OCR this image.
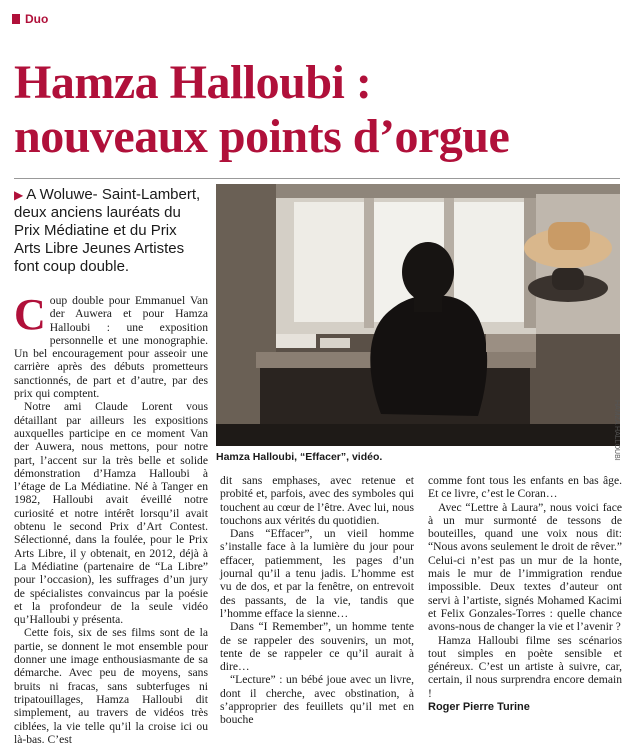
Duo
Hamza Halloubi :
nouveaux points d’orgue
▶ A Woluwe- Saint-Lambert, deux anciens lauréats du Prix Médiatine et du Prix Arts Libre Jeunes Artistes font coup double.
HAMZA HALLOUBI
Hamza Halloubi, “Effacer”, vidéo.

Coup double pour Emmanuel Van der Auwera et pour Hamza Halloubi : une exposition personnelle et une monographie. Un bel encouragement pour asseoir une carrière après des débuts prometteurs sanctionnés, de part et d’autre, par des prix qui comptent.

Notre ami Claude Lorent vous détaillant par ailleurs les expositions auxquelles participe en ce moment Van der Auwera, nous mettons, pour notre part, l’accent sur la très belle et solide démonstration d’Hamza Halloubi à l’étage de La Médiatine. Né à Tanger en 1982, Halloubi avait éveillé notre curiosité et notre intérêt lorsqu’il avait obtenu le second Prix d’Art Contest. Sélectionné, dans la foulée, pour le Prix Arts Libre, il y obtenait, en 2012, déjà à La Médiatine (partenaire de “La Libre” pour l’occasion), les suffrages d’un jury de spécialistes convaincus par la poésie et la profondeur de la seule vidéo qu’Halloubi y présenta.

Cette fois, six de ses films sont de la partie, se donnent le mot ensemble pour donner une image enthousiasmante de sa démarche. Avec peu de moyens, sans bruits ni fracas, sans subterfuges ni tripatouillages, Hamza Halloubi dit simplement, au travers de vidéos très ciblées, la vie telle qu’il la croise ici ou là-bas. C’est

dit sans emphases, avec retenue et probité et, parfois, avec des symboles qui touchent au cœur de l’être. Avec lui, nous touchons aux vérités du quotidien.

Dans “Effacer”, un vieil homme s’installe face à la lumière du jour pour effacer, patiemment, les pages d’un journal qu’il a tenu jadis. L’homme est vu de dos, et par la fenêtre, on entrevoit des passants, de la vie, tandis que l’homme efface la sienne…

Dans “I Remember”, un homme tente de se rappeler des souvenirs, un mot, tente de se rappeler ce qu’il aurait à dire…

“Lecture” : un bébé joue avec un livre, dont il cherche, avec obstination, à s’approprier des feuillets qu’il met en bouche

comme font tous les enfants en bas âge. Et ce livre, c’est le Coran…

Avec “Lettre à Laura”, nous voici face à un mur surmonté de tessons de bouteilles, quand une voix nous dit: “Nous avons seulement le droit de rêver.” Celui-ci n’est pas un mur de la honte, mais le mur de l’immigration rendue impossible. Deux textes d’auteur ont servi à l’artiste, signés Mohamed Kacimi et Felix Gonzales-Torres : quelle chance avons-nous de changer la vie et l’avenir ?

Hamza Halloubi filme ses scénarios tout simples en poète sensible et généreux. C’est un artiste à suivre, car, certain, il nous surprendra encore demain !

Roger Pierre Turine
